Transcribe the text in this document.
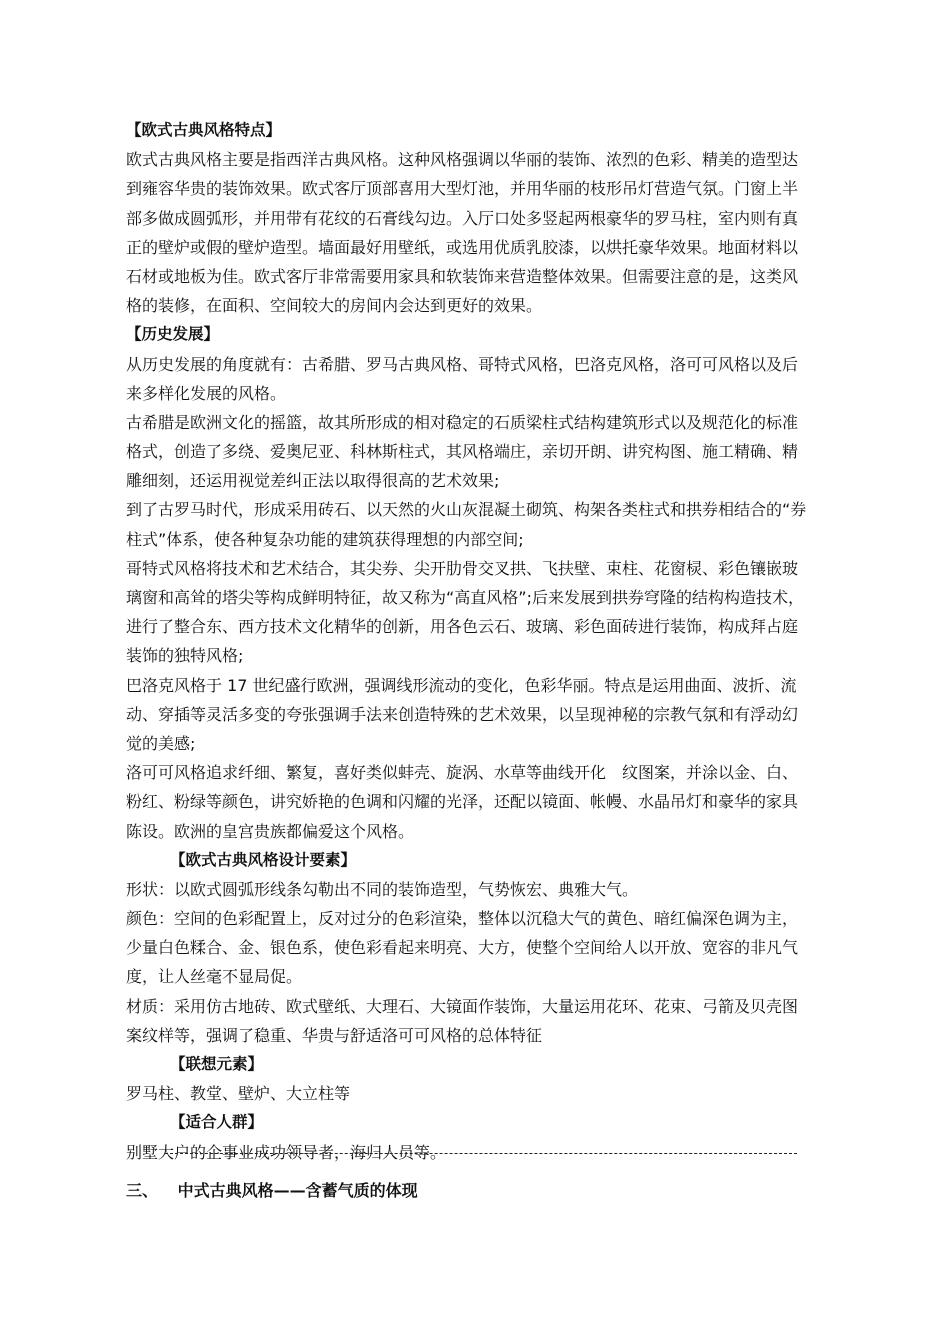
【欧式古典风格特点】
欧式古典风格主要是指西洋古典风格。这种风格强调以华丽的装饰、浓烈的色彩、精美的造型达
到雍容华贵的装饰效果。欧式客厅顶部喜用大型灯池，并用华丽的枝形吊灯营造气氛。门窗上半
部多做成圆弧形，并用带有花纹的石膏线勾边。入厅口处多竖起两根豪华的罗马柱，室内则有真
正的壁炉或假的壁炉造型。墙面最好用壁纸，或选用优质乳胶漆，以烘托豪华效果。地面材料以
石材或地板为佳。欧式客厅非常需要用家具和软装饰来营造整体效果。但需要注意的是，这类风
格的装修，在面积、空间较大的房间内会达到更好的效果。
【历史发展】
从历史发展的角度就有：古希腊、罗马古典风格、哥特式风格，巴洛克风格，洛可可风格以及后
来多样化发展的风格。
古希腊是欧洲文化的摇篮，故其所形成的相对稳定的石质梁柱式结构建筑形式以及规范化的标准
格式，创造了多绕、爱奥尼亚、科林斯柱式，其风格端庄，亲切开朗、讲究构图、施工精确、精
雕细刻，还运用视觉差纠正法以取得很高的艺术效果;
到了古罗马时代，形成采用砖石、以天然的火山灰混凝土砌筑、构架各类柱式和拱券相结合的“券
柱式”体系，使各种复杂功能的建筑获得理想的内部空间;
哥特式风格将技术和艺术结合，其尖券、尖开肋骨交叉拱、飞扶壁、束柱、花窗棂、彩色镶嵌玻
璃窗和高耸的塔尖等构成鲜明特征，故又称为“高直风格”;后来发展到拱券穹隆的结构构造技术，
进行了整合东、西方技术文化精华的创新，用各色云石、玻璃、彩色面砖进行装饰，构成拜占庭
装饰的独特风格;
巴洛克风格于 17 世纪盛行欧洲，强调线形流动的变化，色彩华丽。特点是运用曲面、波折、流
动、穿插等灵活多变的夸张强调手法来创造特殊的艺术效果，以呈现神秘的宗教气氛和有浮动幻
觉的美感;
洛可可风格追求纤细、繁复，喜好类似蚌壳、旋涡、水草等曲线开化　纹图案，并涂以金、白、
粉红、粉绿等颜色，讲究娇艳的色调和闪耀的光泽，还配以镜面、帐幔、水晶吊灯和豪华的家具
陈设。欧洲的皇宫贵族都偏爱这个风格。
【欧式古典风格设计要素】
形状：以欧式圆弧形线条勾勒出不同的装饰造型，气势恢宏、典雅大气。
颜色：空间的色彩配置上，反对过分的色彩渲染，整体以沉稳大气的黄色、暗红偏深色调为主，
少量白色糅合、金、银色系，使色彩看起来明亮、大方，使整个空间给人以开放、宽容的非凡气
度，让人丝毫不显局促。
材质：采用仿古地砖、欧式壁纸、大理石、大镜面作装饰，大量运用花环、花束、弓箭及贝壳图
案纹样等，强调了稳重、华贵与舒适洛可可风格的总体特征
【联想元素】
罗马柱、教堂、壁炉、大立柱等
【适合人群】
别墅大户的企事业成功领导者，海归人员等。
三、 中式古典风格——含蓄气质的体现
